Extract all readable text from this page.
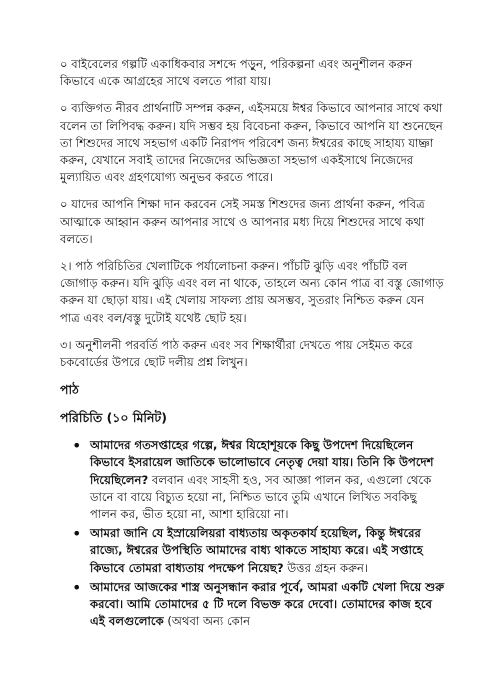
০ বাইবেলের গল্পটি একাধিকবার সশব্দে পড়ুন, পরিকল্পনা এবং অনুশীলন করুন কিভাবে একে আগ্রহের সাথে বলতে পারা যায়।

০ ব্যক্তিগত নীরব প্রার্থনাটি সম্পন্ন করুন, এইসময়ে ঈশ্বর কিভাবে আপনার সাথে কথা বলেন তা লিপিবদ্ধ করুন। যদি সম্ভব হয় বিবেচনা করুন, কিভাবে আপনি যা শুনেছেন তা শিশুদের সাথে সহভাগ একটি নিরাপদ পরিবেশ জন্য ঈশ্বরের কাছে সাহায্য যাচ্ঞা করুন, যেখানে সবাই তাদের নিজেদের অভিজ্ঞতা সহভাগ একইসাথে নিজেদের মুল্যায়িত এবং গ্রহণযোগ্য অনুভব করতে পারে।

০ যাদের আপনি শিক্ষা দান করবেন সেই সমস্ত শিশুদের জন্য প্রার্থনা করুন, পবিত্র আত্মাকে আহ্বান করুন আপনার সাথে ও আপনার মধ্য দিয়ে শিশুদের সাথে কথা বলতে।

২। পাঠ পরিচিতির খেলাটিকে পর্যালোচনা করুন। পাঁচটি ঝুড়ি এবং পাঁচটি বল জোগাড় করুন। যদি ঝুড়ি এবং বল না থাকে, তাহলে অন্য কোন পাত্র বা বস্তু জোগাড় করুন যা ছোড়া যায়। এই খেলায় সাফল্য প্রায় অসম্ভব, সুতরাং নিশ্চিত করুন যেন পাত্র এবং বল/বস্তু দুটোই যথেষ্ট ছোট হয়।

৩। অনুশীলনী পরবর্তি পাঠ করুন এবং সব শিক্ষার্থীরা দেখতে পায় সেইমত করে চকবোর্ডের উপরে ছোট দলীয় প্রশ্ন লিখুন।

পাঠ

পরিচিতি (১০ মিনিট)

• আমাদের গতসপ্তাহের গল্পে, ঈশ্বর যিহোশূয়কে কিছু উপদেশ দিয়েছিলেন কিভাবে ইসরায়েল জাতিকে ভালোভাবে নেতৃত্ব দেয়া যায়। তিনি কি উপদেশ দিয়েছিলেন? বলবান এবং সাহসী হও, সব আজ্ঞা পালন কর, এগুলো থেকে ডানে বা বায়ে বিচ্যুত হয়ো না, নিশ্চিত ভাবে তুমি এখানে লিখিত সবকিছু পালন কর, ভীত হয়ো না, আশা হারিয়ো না।
• আমরা জানি যে ইস্রায়েলিয়রা বাধ্যতায় অকৃতকার্য হয়েছিল, কিন্তু ঈশ্বরের রাজ্যে, ঈশ্বরের উপস্থিতি আমাদের বাধ্য থাকতে সাহায্য করে। এই সপ্তাহে কিভাবে তোমরা বাধ্যতায় পদক্ষেপ নিয়েছ? উত্তর গ্রহন করুন।
• আমাদের আজকের শাস্ত্র অনুসন্ধান করার পূর্বে, আমরা একটি খেলা দিয়ে শুরু করবো। আমি তোমাদের ৫ টি দলে বিভক্ত করে দেবো। তোমাদের কাজ হবে এই বলগুলোকে (অথবা অন্য কোন
